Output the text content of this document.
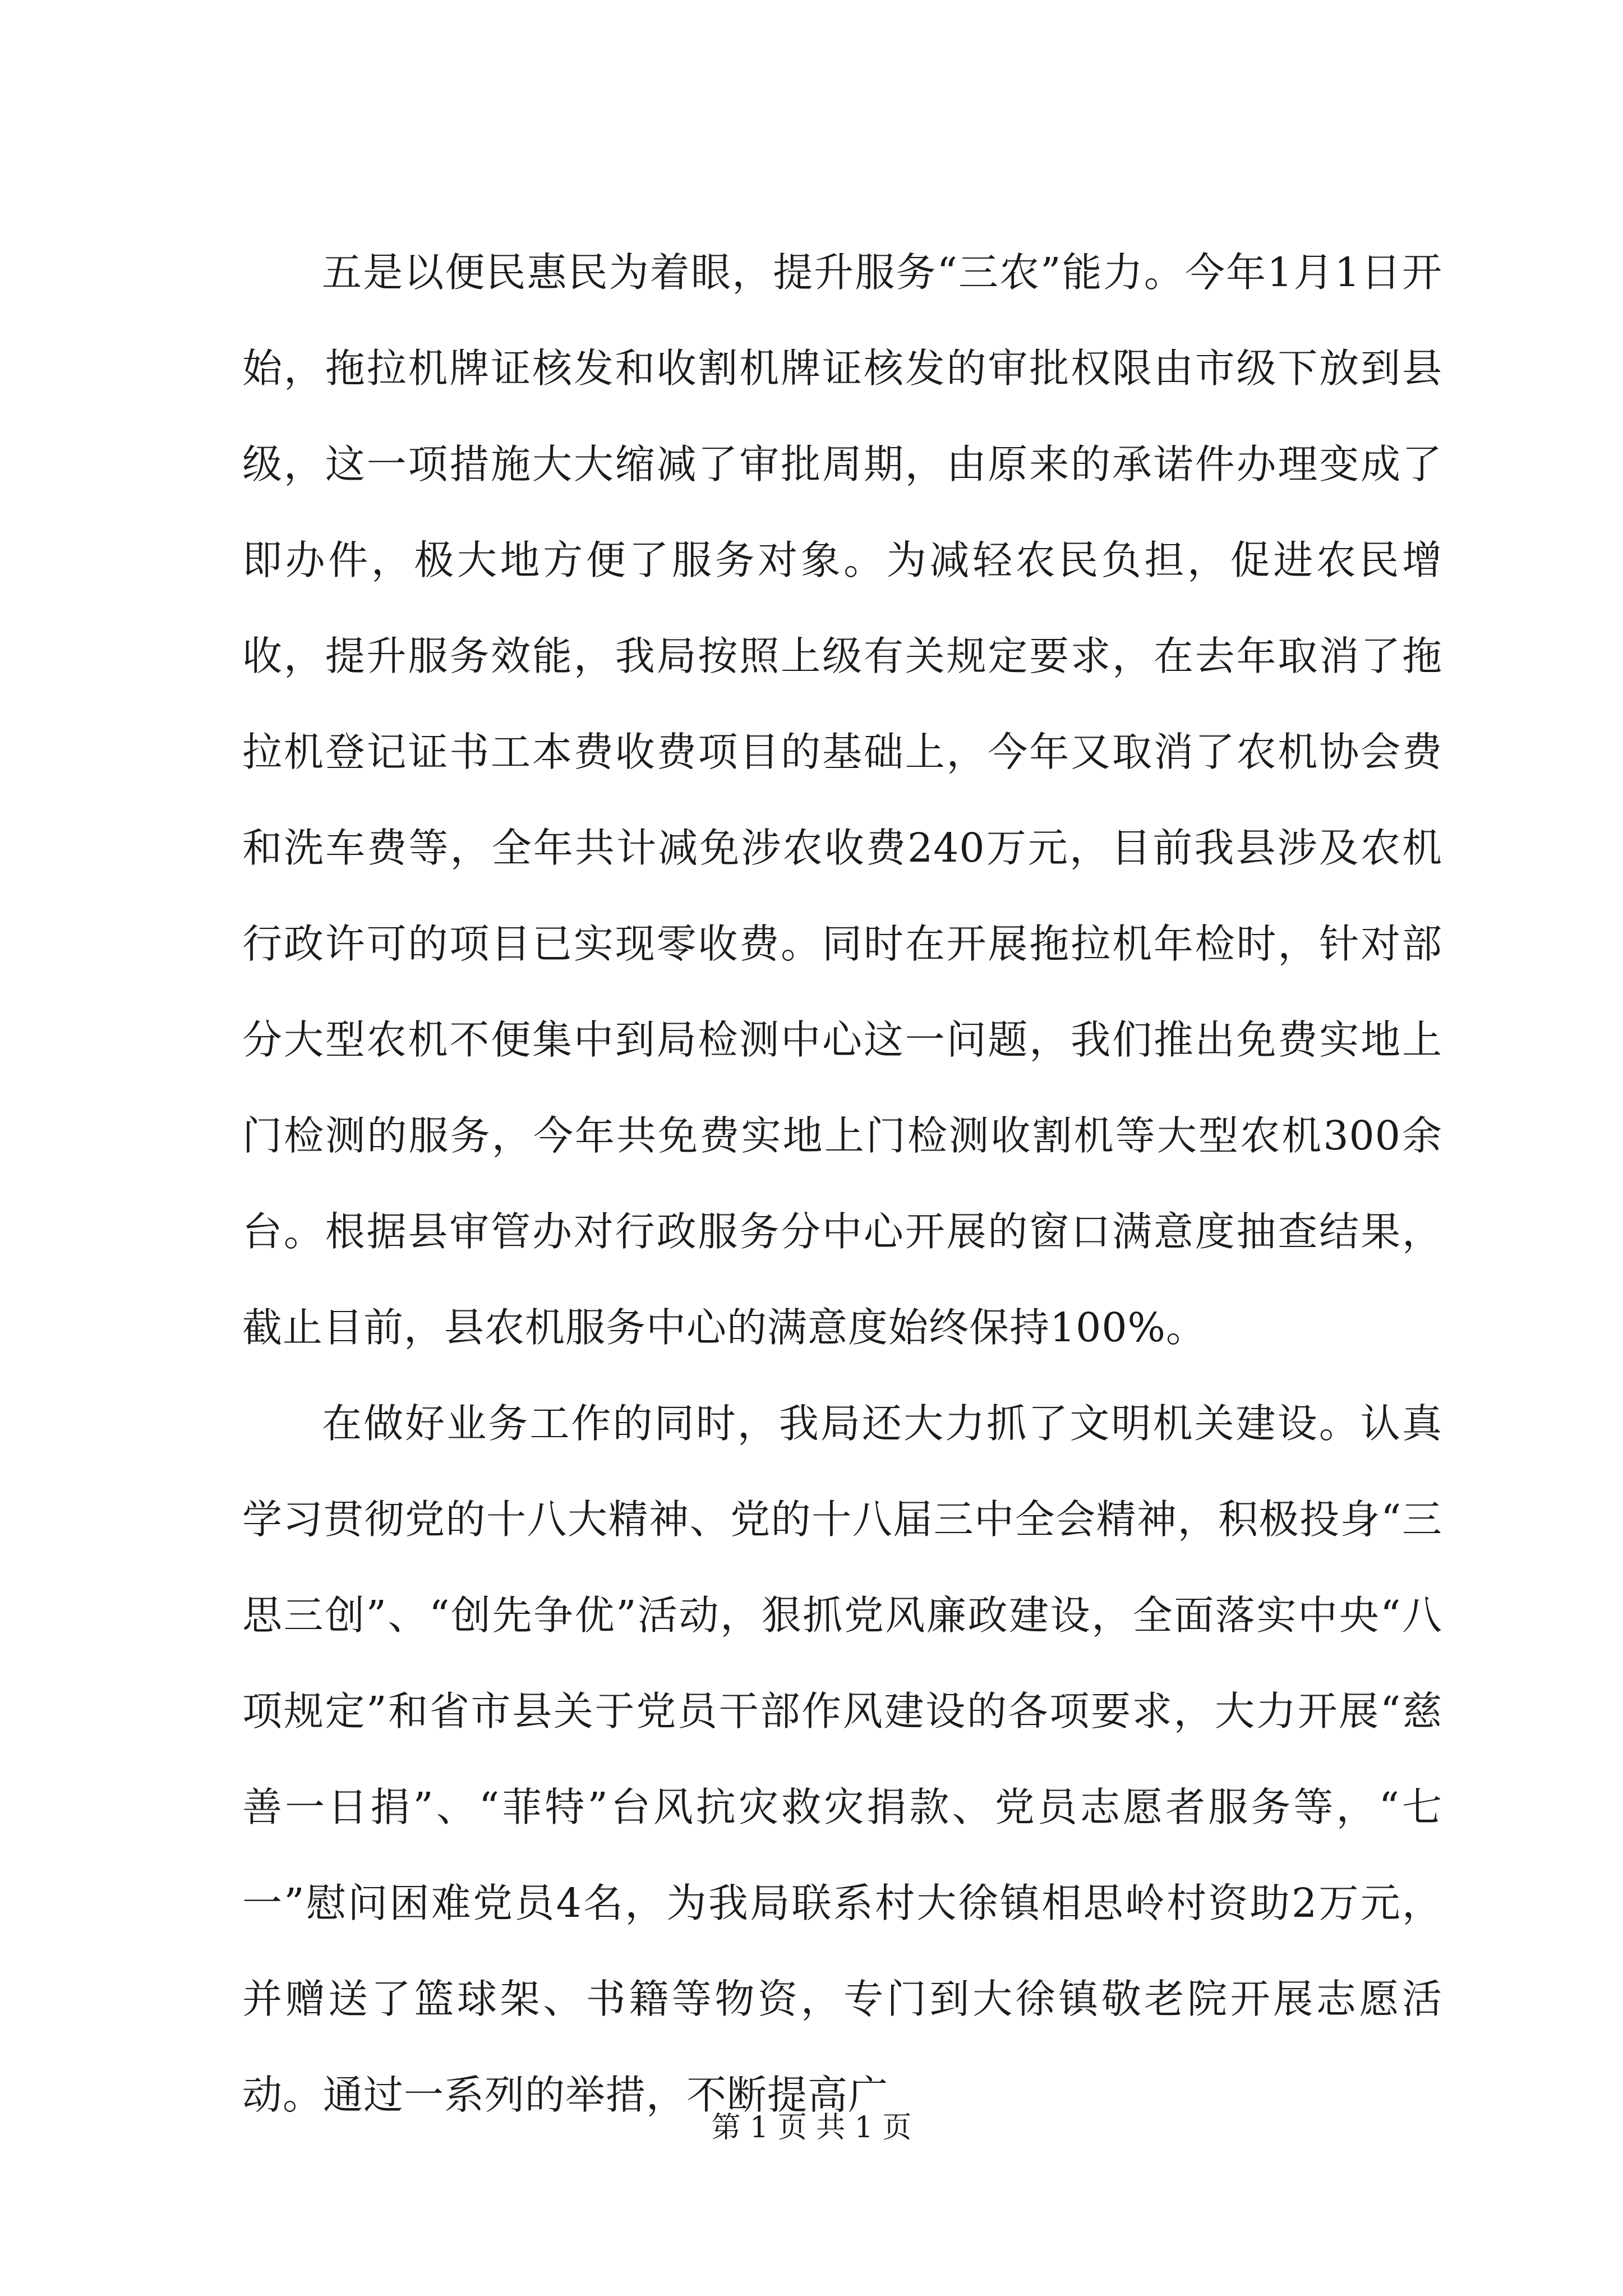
五是以便民惠民为着眼，提升服务“三农”能力。今年1月1日开始，拖拉机牌证核发和收割机牌证核发的审批权限由市级下放到县级，这一项措施大大缩减了审批周期，由原来的承诺件办理变成了即办件，极大地方便了服务对象。为减轻农民负担，促进农民增收，提升服务效能，我局按照上级有关规定要求，在去年取消了拖拉机登记证书工本费收费项目的基础上，今年又取消了农机协会费和洗车费等，全年共计减免涉农收费240万元，目前我县涉及农机行政许可的项目已实现零收费。同时在开展拖拉机年检时，针对部分大型农机不便集中到局检测中心这一问题，我们推出免费实地上门检测的服务，今年共免费实地上门检测收割机等大型农机300余台。根据县审管办对行政服务分中心开展的窗口满意度抽查结果，截止目前，县农机服务中心的满意度始终保持100%。

在做好业务工作的同时，我局还大力抓了文明机关建设。认真学习贯彻党的十八大精神、党的十八届三中全会精神，积极投身“三思三创”、“创先争优”活动，狠抓党风廉政建设，全面落实中央“八项规定”和省市县关于党员干部作风建设的各项要求，大力开展“慈善一日捐”、“菲特”台风抗灾救灾捐款、党员志愿者服务等，“七一”慰问困难党员4名，为我局联系村大徐镇相思岭村资助2万元，并赠送了篮球架、书籍等物资，专门到大徐镇敬老院开展志愿活动。通过一系列的举措，不断提高广

第 1 页 共 1 页
